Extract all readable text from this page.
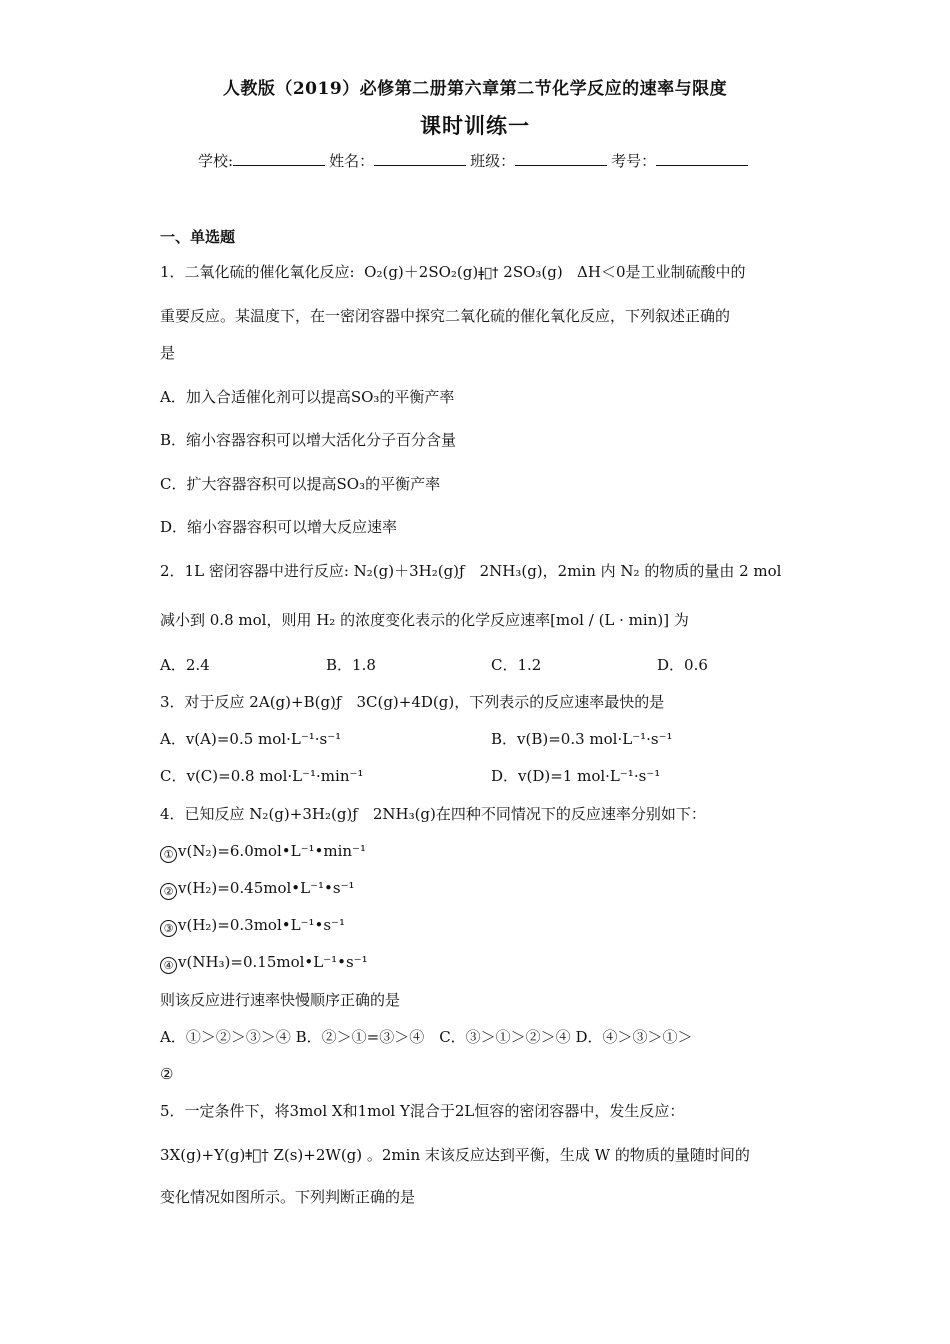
人教版（2019）必修第二册第六章第二节化学反应的速率与限度
课时训练一
学校:	姓名：	班级：	考号：
一、单选题
1．二氧化硫的催化氧化反应: O₂(g)＋2SO₂(g)ǂ⃝† 2SO₃(g) ΔH＜0是工业制硫酸中的
重要反应。某温度下，在一密闭容器中探究二氧化硫的催化氧化反应，下列叙述正确的
是
A．加入合适催化剂可以提高SO₃的平衡产率
B．缩小容器容积可以增大活化分子百分含量
C．扩大容器容积可以提高SO₃的平衡产率
D．缩小容器容积可以增大反应速率
2．1L 密闭容器中进行反应: N₂(g)＋3H₂(g)ƒ　2NH₃(g)，2min 内 N₂ 的物质的量由 2 mol
减小到 0.8 mol，则用 H₂ 的浓度变化表示的化学反应速率[mol / (L · min)] 为
A．2.4	B．1.8	C．1.2	D．0.6
3．对于反应 2A(g)+B(g)ƒ　3C(g)+4D(g)，下列表示的反应速率最快的是
A．v(A)=0.5 mol·L⁻¹·s⁻¹	B．v(B)=0.3 mol·L⁻¹·s⁻¹
C．v(C)=0.8 mol·L⁻¹·min⁻¹	D．v(D)=1 mol·L⁻¹·s⁻¹
4．已知反应 N₂(g)+3H₂(g)ƒ　2NH₃(g)在四种不同情况下的反应速率分别如下：
① v(N₂)=6.0mol•L⁻¹•min⁻¹
② v(H₂)=0.45mol•L⁻¹•s⁻¹
③ v(H₂)=0.3mol•L⁻¹•s⁻¹
④ v(NH₃)=0.15mol•L⁻¹•s⁻¹
则该反应进行速率快慢顺序正确的是
A．①＞②＞③＞④ B．②＞①=③＞④　C．③＞①＞②＞④ D．④＞③＞①＞
②
5．一定条件下，将3mol X和1mol Y混合于2L恒容的密闭容器中，发生反应：
3X(g)+Y(g)ǂ⃝† Z(s)+2W(g) 。2min 末该反应达到平衡，生成 W 的物质的量随时间的
变化情况如图所示。下列判断正确的是
